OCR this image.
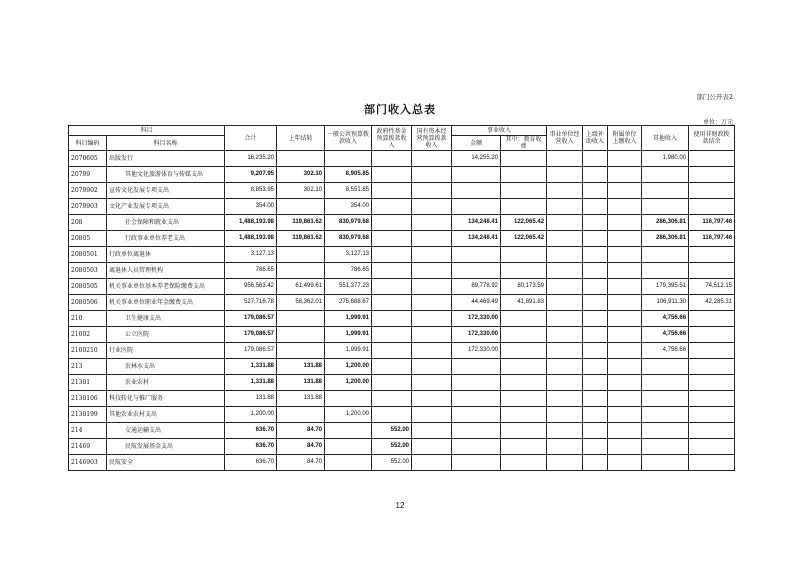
部门公开表2
部门收入总表
单位：万元
科目		合计	上年结转	一般公共预算拨款收入	政府性基金预算拨款收入	国有资本经营预算拨款收入	事业收入		事业单位经营收入	上级补助收入	附属单位上缴收入	其他收入	使用非财政拨款结余
科目编码	科目名称						金额	其中：教育收费					
2070605	出版发行	16,235.20					14,255.20					1,980.00	
20799	其他文化旅游体育与传媒支出	9,207.95	302.10	8,905.85									
2079902	宣传文化发展专项支出	8,853.95	302.10	8,551.85									
2079903	文化产业发展专项支出	354.00		354.00									
208	社会保障和就业支出	1,488,193.98	119,861.62	830,979.68			134,248.41	122,065.42				286,306.81	116,797.46
20805	行政事业单位养老支出	1,488,193.98	119,861.62	830,979.68			134,248.41	122,065.42				286,306.81	116,797.46
2080501	行政单位离退休	3,127.13		3,127.13									
2080503	离退休人员管理机构	786.65		786.65									
2080505	机关事业单位基本养老保险缴费支出	956,563.42	61,499.61	551,377.23			89,778.92	80,173.59				179,395.51	74,512.15
2080506	机关事业单位职业年金缴费支出	527,716.78	58,362.01	275,688.67			44,469.49	41,891.83				106,911.30	42,285.31
210	卫生健康支出	179,086.57		1,999.91			172,330.00					4,756.66	
21002	公立医院	179,086.57		1,999.91			172,330.00					4,756.66	
2100210	行业医院	179,086.57		1,999.91			172,330.00					4,756.66	
213	农林水支出	1,331.88	131.88	1,200.00									
21301	农业农村	1,331.88	131.88	1,200.00									
2130106	科技转化与推广服务	131.88	131.88										
2130199	其他农业农村支出	1,200.00		1,200.00									
214	交通运输支出	636.70	84.70		552.00								
21469	民航发展基金支出	636.70	84.70		552.00								
2146903	民航安全	636.70	84.70		552.00								
12
